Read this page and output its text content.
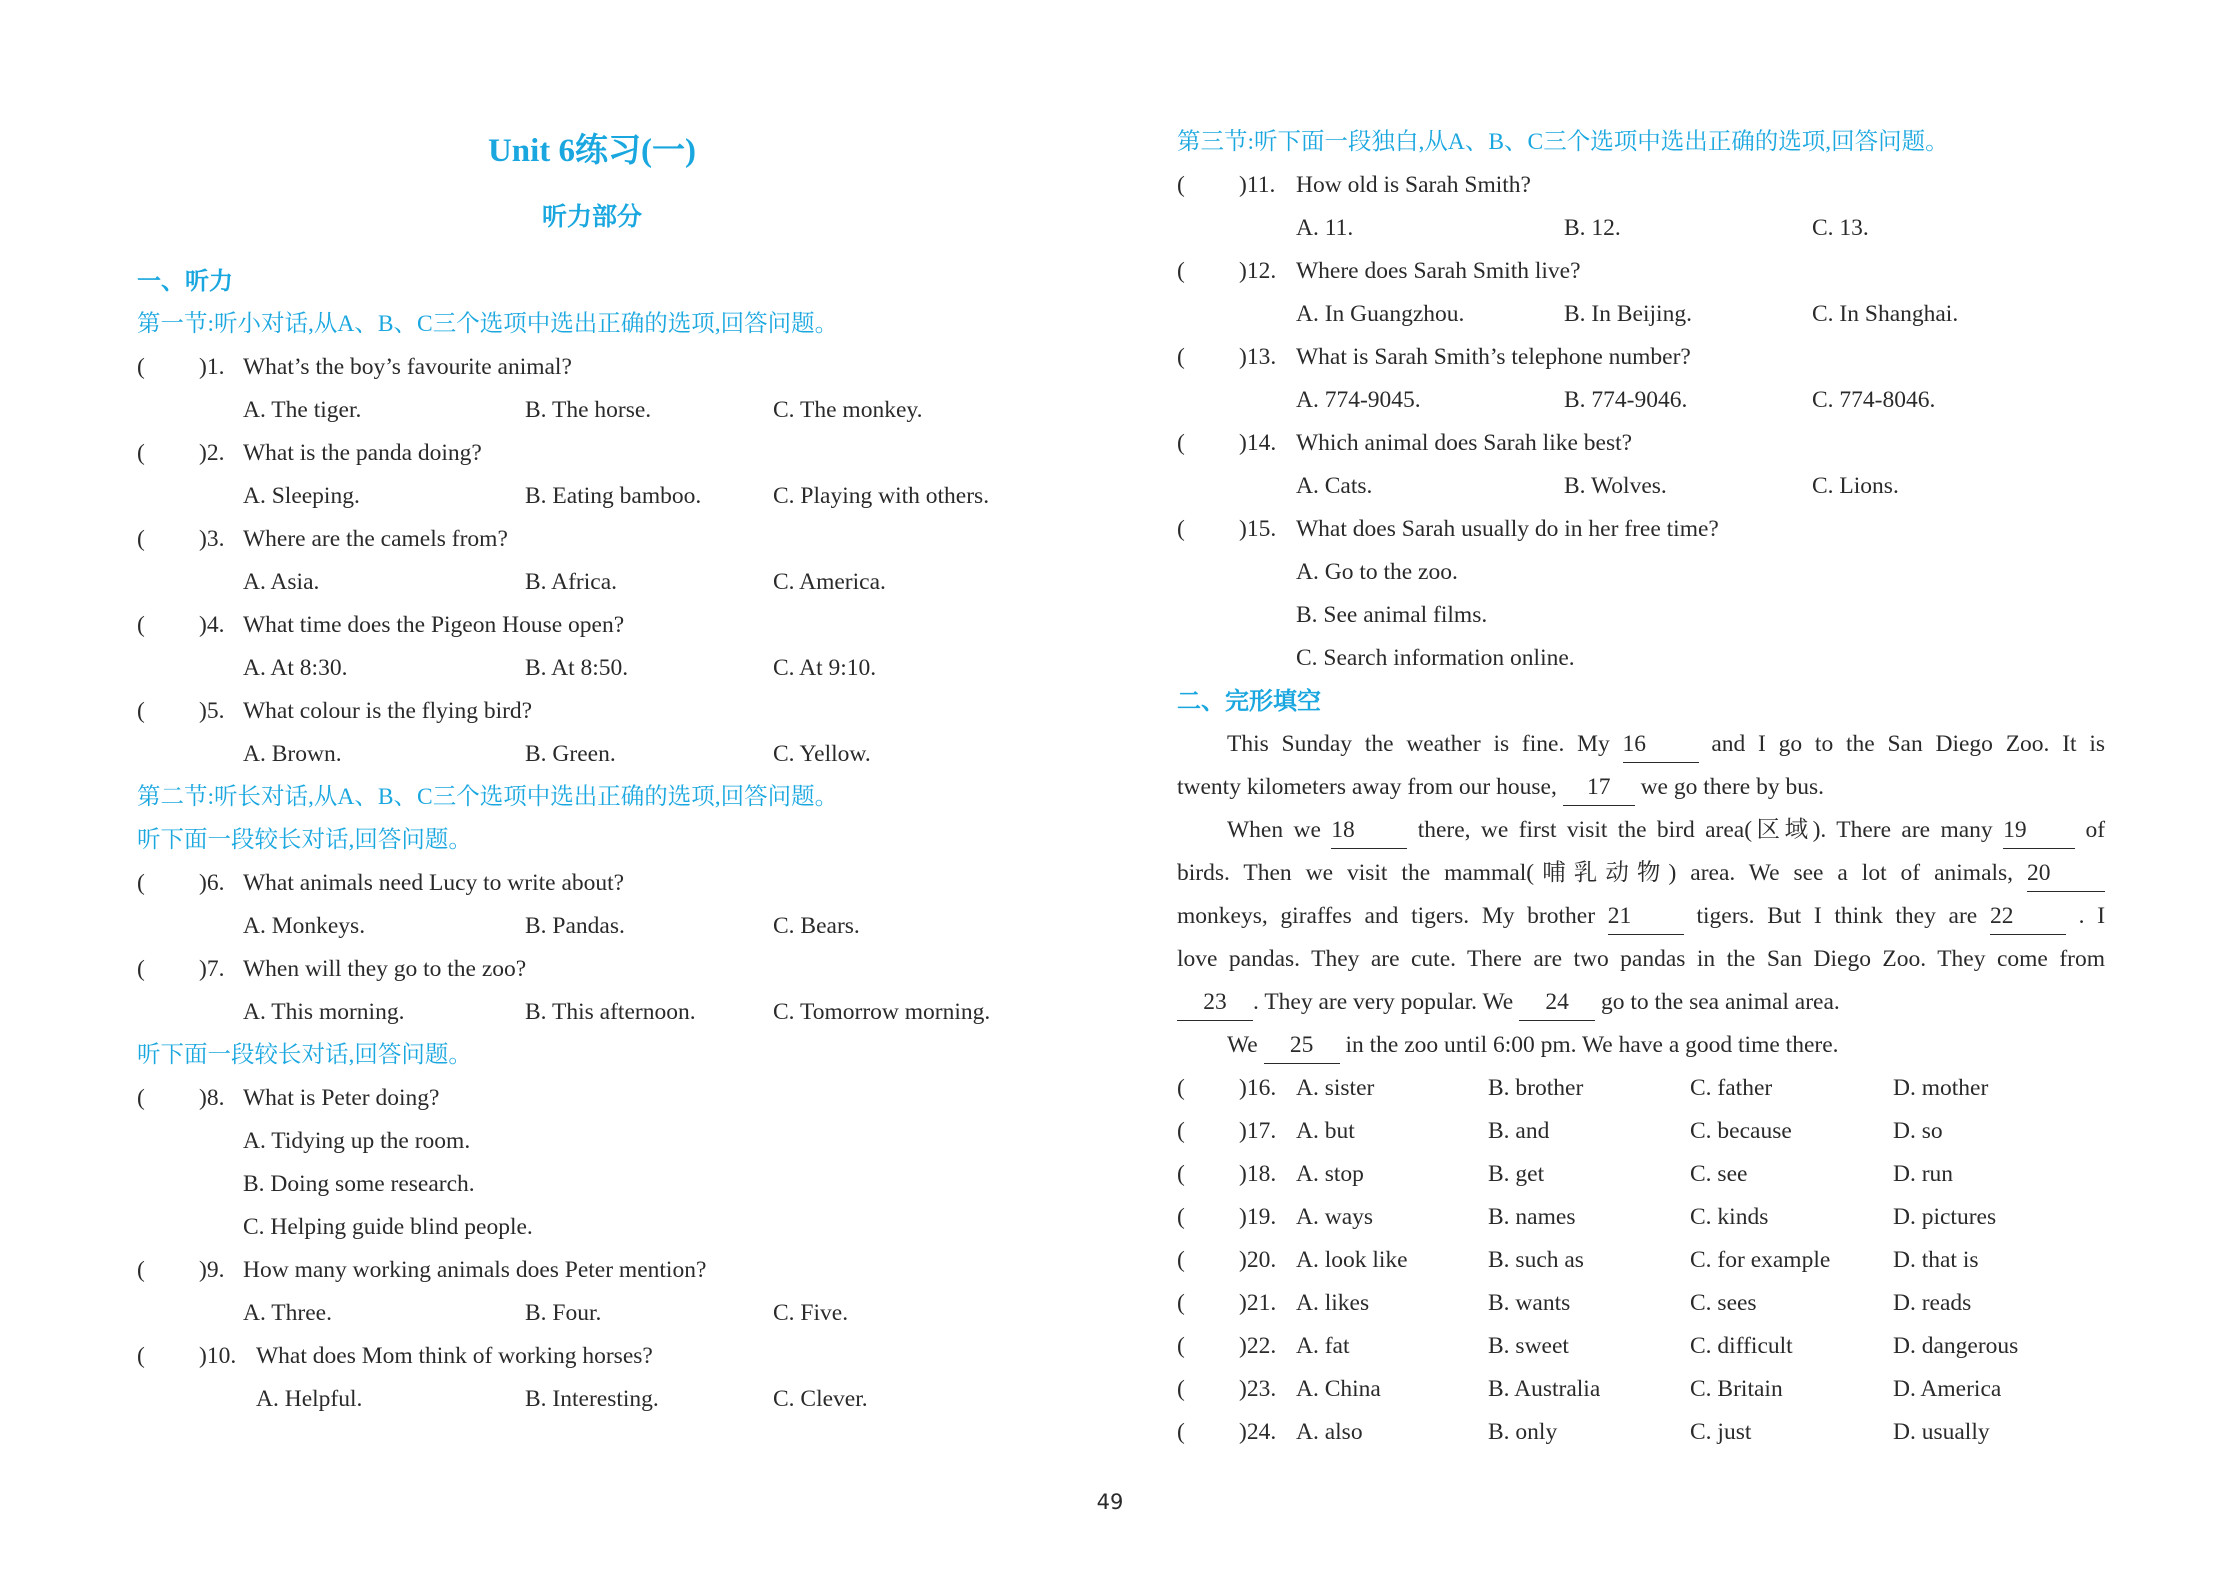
Unit 6练习(一)
听力部分
一、听力
第一节:听小对话,从A、B、C三个选项中选出正确的选项,回答问题。
( )1. What’s the boy’s favourite animal?
A. The tiger.	B. The horse.	C. The monkey.
( )2. What is the panda doing?
A. Sleeping.	B. Eating bamboo.	C. Playing with others.
( )3. Where are the camels from?
A. Asia.	B. Africa.	C. America.
( )4. What time does the Pigeon House open?
A. At 8:30.	B. At 8:50.	C. At 9:10.
( )5. What colour is the flying bird?
A. Brown.	B. Green.	C. Yellow.
第二节:听长对话,从A、B、C三个选项中选出正确的选项,回答问题。
听下面一段较长对话,回答问题。
( )6. What animals need Lucy to write about?
A. Monkeys.	B. Pandas.	C. Bears.
( )7. When will they go to the zoo?
A. This morning.	B. This afternoon.	C. Tomorrow morning.
听下面一段较长对话,回答问题。
( )8. What is Peter doing?
A. Tidying up the room.
B. Doing some research.
C. Helping guide blind people.
( )9. How many working animals does Peter mention?
A. Three.	B. Four.	C. Five.
( )10. What does Mom think of working horses?
A. Helpful.	B. Interesting.	C. Clever.
第三节:听下面一段独白,从A、B、C三个选项中选出正确的选项,回答问题。
( )11. How old is Sarah Smith?
A. 11.	B. 12.	C. 13.
( )12. Where does Sarah Smith live?
A. In Guangzhou.	B. In Beijing.	C. In Shanghai.
( )13. What is Sarah Smith’s telephone number?
A. 774-9045.	B. 774-9046.	C. 774-8046.
( )14. Which animal does Sarah like best?
A. Cats.	B. Wolves.	C. Lions.
( )15. What does Sarah usually do in her free time?
A. Go to the zoo.
B. See animal films.
C. Search information online.
二、完形填空
This Sunday the weather is fine. My 16	and I go to the San Diego Zoo. It is
twenty kilometers away from our house, 17 we go there by bus.
When we 18	there, we first visit the bird area(区域). There are many 19	of
birds. Then we visit the mammal(哺乳动物) area. We see a lot of animals, 20
monkeys, giraffes and tigers. My brother 21	tigers. But I think they are 22	. I
love pandas. They are cute. There are two pandas in the San Diego Zoo. They come from
23 . They are very popular. We 24 go to the sea animal area.
We 25 in the zoo until 6:00 pm. We have a good time there.
( )16. A. sister	B. brother	C. father	D. mother
( )17. A. but	B. and	C. because	D. so
( )18. A. stop	B. get	C. see	D. run
( )19. A. ways	B. names	C. kinds	D. pictures
( )20. A. look like	B. such as	C. for example	D. that is
( )21. A. likes	B. wants	C. sees	D. reads
( )22. A. fat	B. sweet	C. difficult	D. dangerous
( )23. A. China	B. Australia	C. Britain	D. America
( )24. A. also	B. only	C. just	D. usually
49
